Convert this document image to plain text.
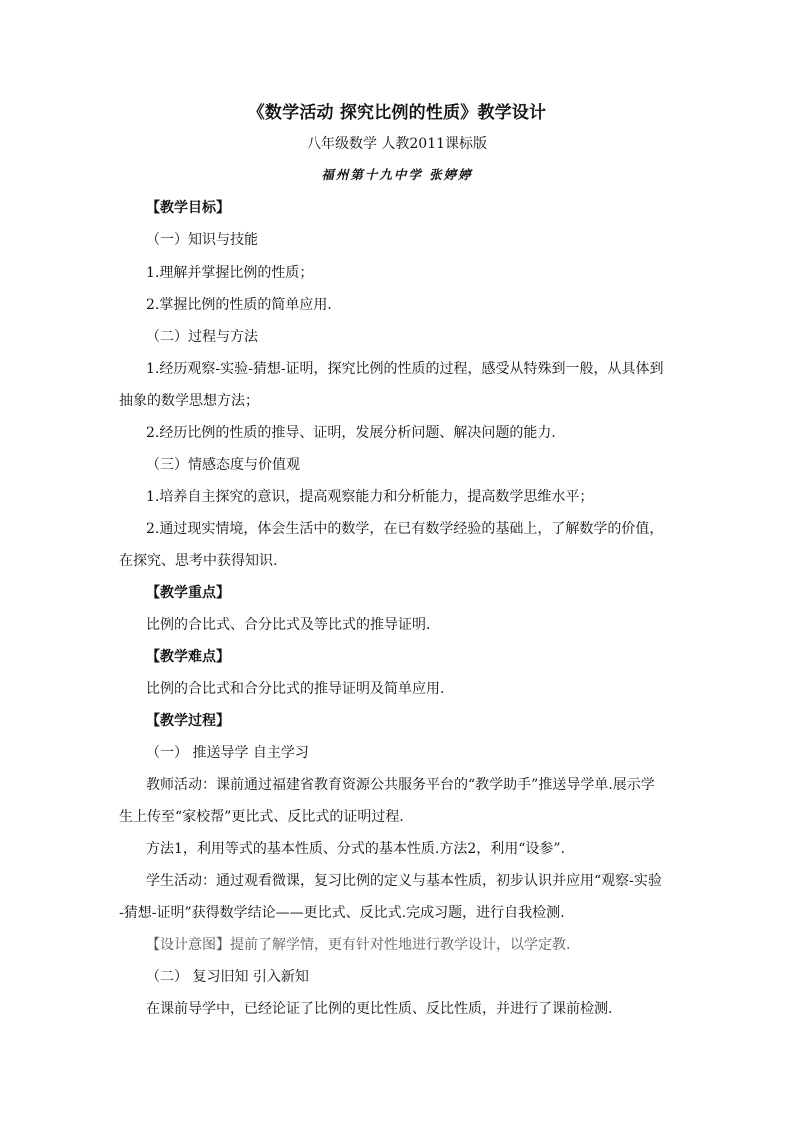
《数学活动 探究比例的性质》教学设计
八年级数学 人教2011课标版
福州第十九中学 张婷婷
【教学目标】
（一）知识与技能
1.理解并掌握比例的性质；
2.掌握比例的性质的简单应用.
（二）过程与方法
1.经历观察-实验-猜想-证明，探究比例的性质的过程，感受从特殊到一般，从具体到
抽象的数学思想方法；
2.经历比例的性质的推导、证明，发展分析问题、解决问题的能力.
（三）情感态度与价值观
1.培养自主探究的意识，提高观察能力和分析能力，提高数学思维水平；
2.通过现实情境，体会生活中的数学，在已有数学经验的基础上，了解数学的价值，
在探究、思考中获得知识.
【教学重点】
比例的合比式、合分比式及等比式的推导证明.
【教学难点】
比例的合比式和合分比式的推导证明及简单应用.
【教学过程】
（一） 推送导学 自主学习
教师活动：课前通过福建省教育资源公共服务平台的“教学助手”推送导学单.展示学
生上传至“家校帮”更比式、反比式的证明过程.
方法1，利用等式的基本性质、分式的基本性质.方法2，利用“设参”.
学生活动：通过观看微课，复习比例的定义与基本性质，初步认识并应用“观察-实验
-猜想-证明”获得数学结论——更比式、反比式.完成习题，进行自我检测.
【设计意图】提前了解学情，更有针对性地进行教学设计，以学定教.
（二） 复习旧知 引入新知
在课前导学中，已经论证了比例的更比性质、反比性质，并进行了课前检测.
